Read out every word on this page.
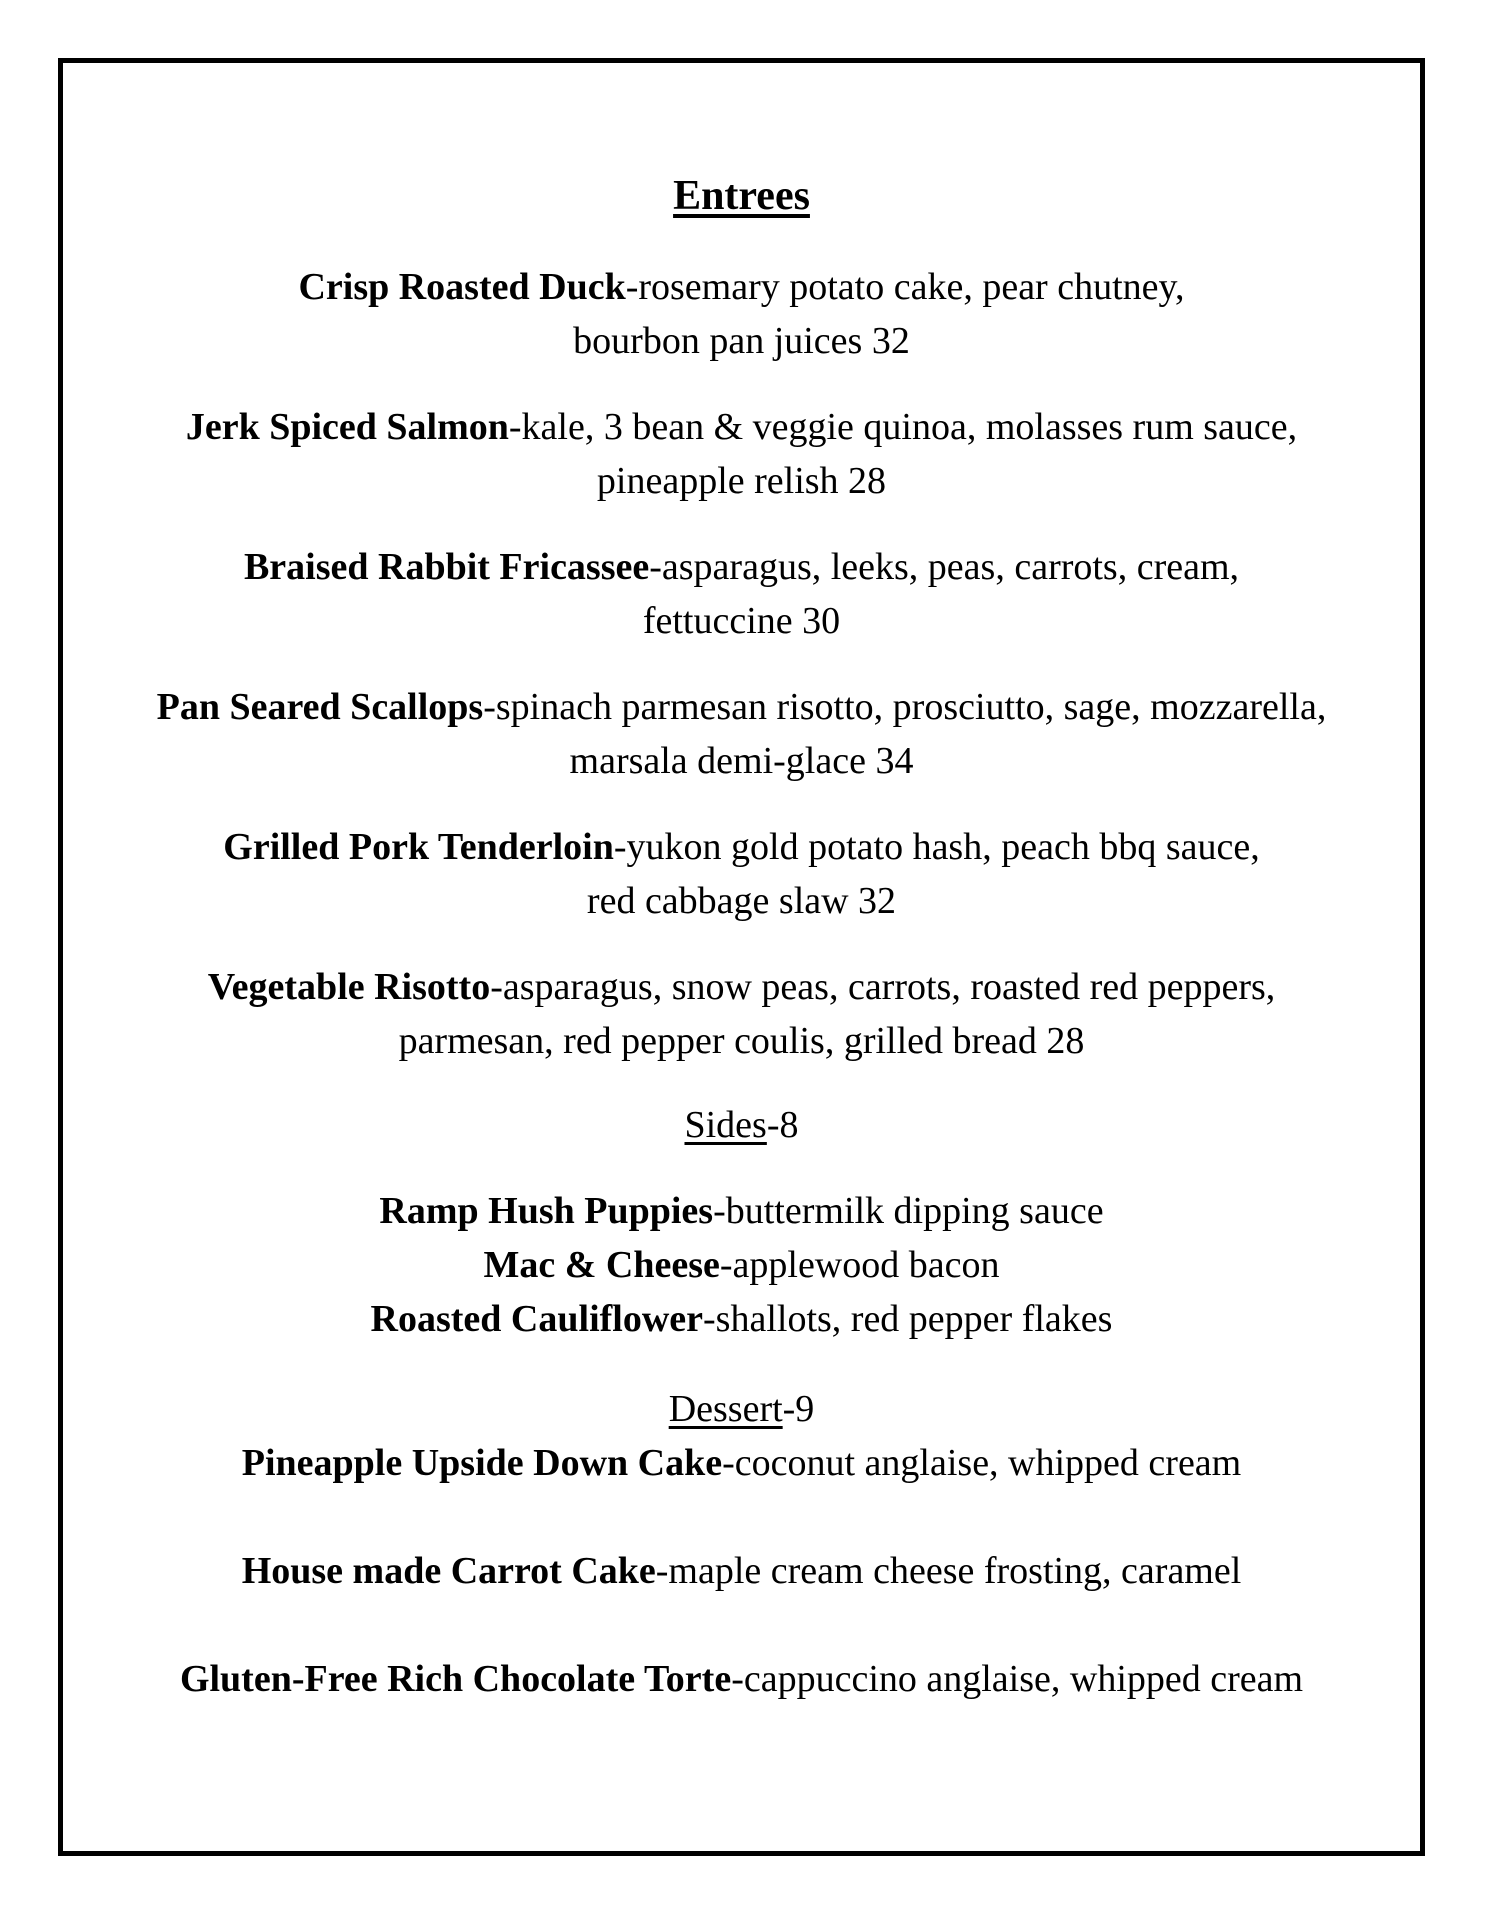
Entrees

Crisp Roasted Duck-rosemary potato cake, pear chutney,
bourbon pan juices 32

Jerk Spiced Salmon-kale, 3 bean & veggie quinoa, molasses rum sauce,
pineapple relish 28

Braised Rabbit Fricassee-asparagus, leeks, peas, carrots, cream,
fettuccine 30

Pan Seared Scallops-spinach parmesan risotto, prosciutto, sage, mozzarella,
marsala demi-glace 34

Grilled Pork Tenderloin-yukon gold potato hash, peach bbq sauce,
red cabbage slaw 32

Vegetable Risotto-asparagus, snow peas, carrots, roasted red peppers,
parmesan, red pepper coulis, grilled bread 28

Sides-8

Ramp Hush Puppies-buttermilk dipping sauce

Mac & Cheese-applewood bacon

Roasted Cauliflower-shallots, red pepper flakes

Dessert-9

Pineapple Upside Down Cake-coconut anglaise, whipped cream

House made Carrot Cake-maple cream cheese frosting, caramel

Gluten-Free Rich Chocolate Torte-cappuccino anglaise, whipped cream
